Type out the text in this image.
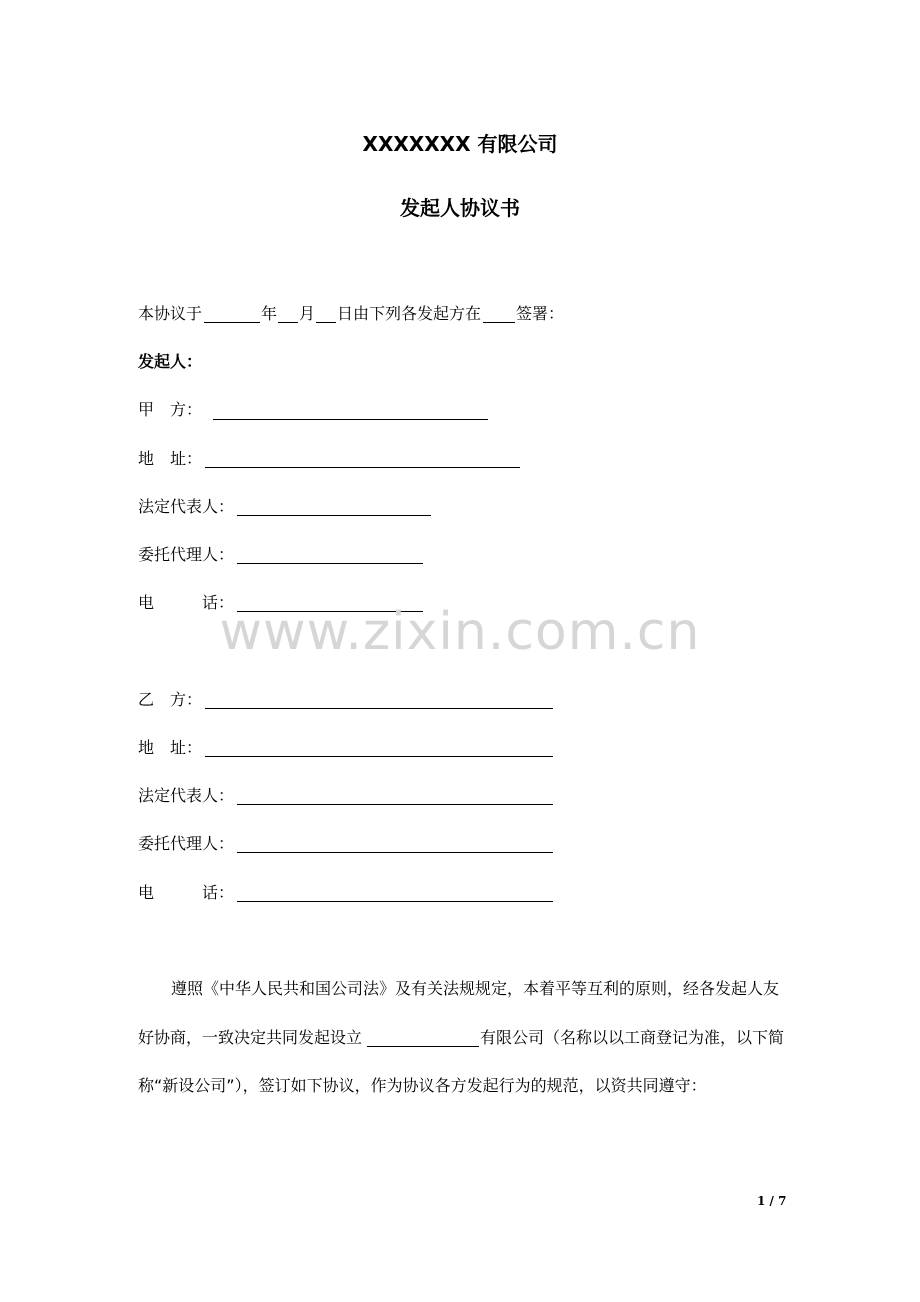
XXXXXXX 有限公司
发起人协议书
本协议于	年 月 日由下列各发起方在 签署：
发起人：
甲　方：
地　址：
法定代表人：
委托代理人：
电　　　话：
www.zixin.com.cn
乙　方：
地　址：
法定代表人：
委托代理人：
电　　　话：
遵照《中华人民共和国公司法》及有关法规规定，本着平等互利的原则，经各发起人友
好协商，一致决定共同发起设立	有限公司（名称以以工商登记为准，以下简
称“新设公司”），签订如下协议，作为协议各方发起行为的规范，以资共同遵守：
1 / 7
